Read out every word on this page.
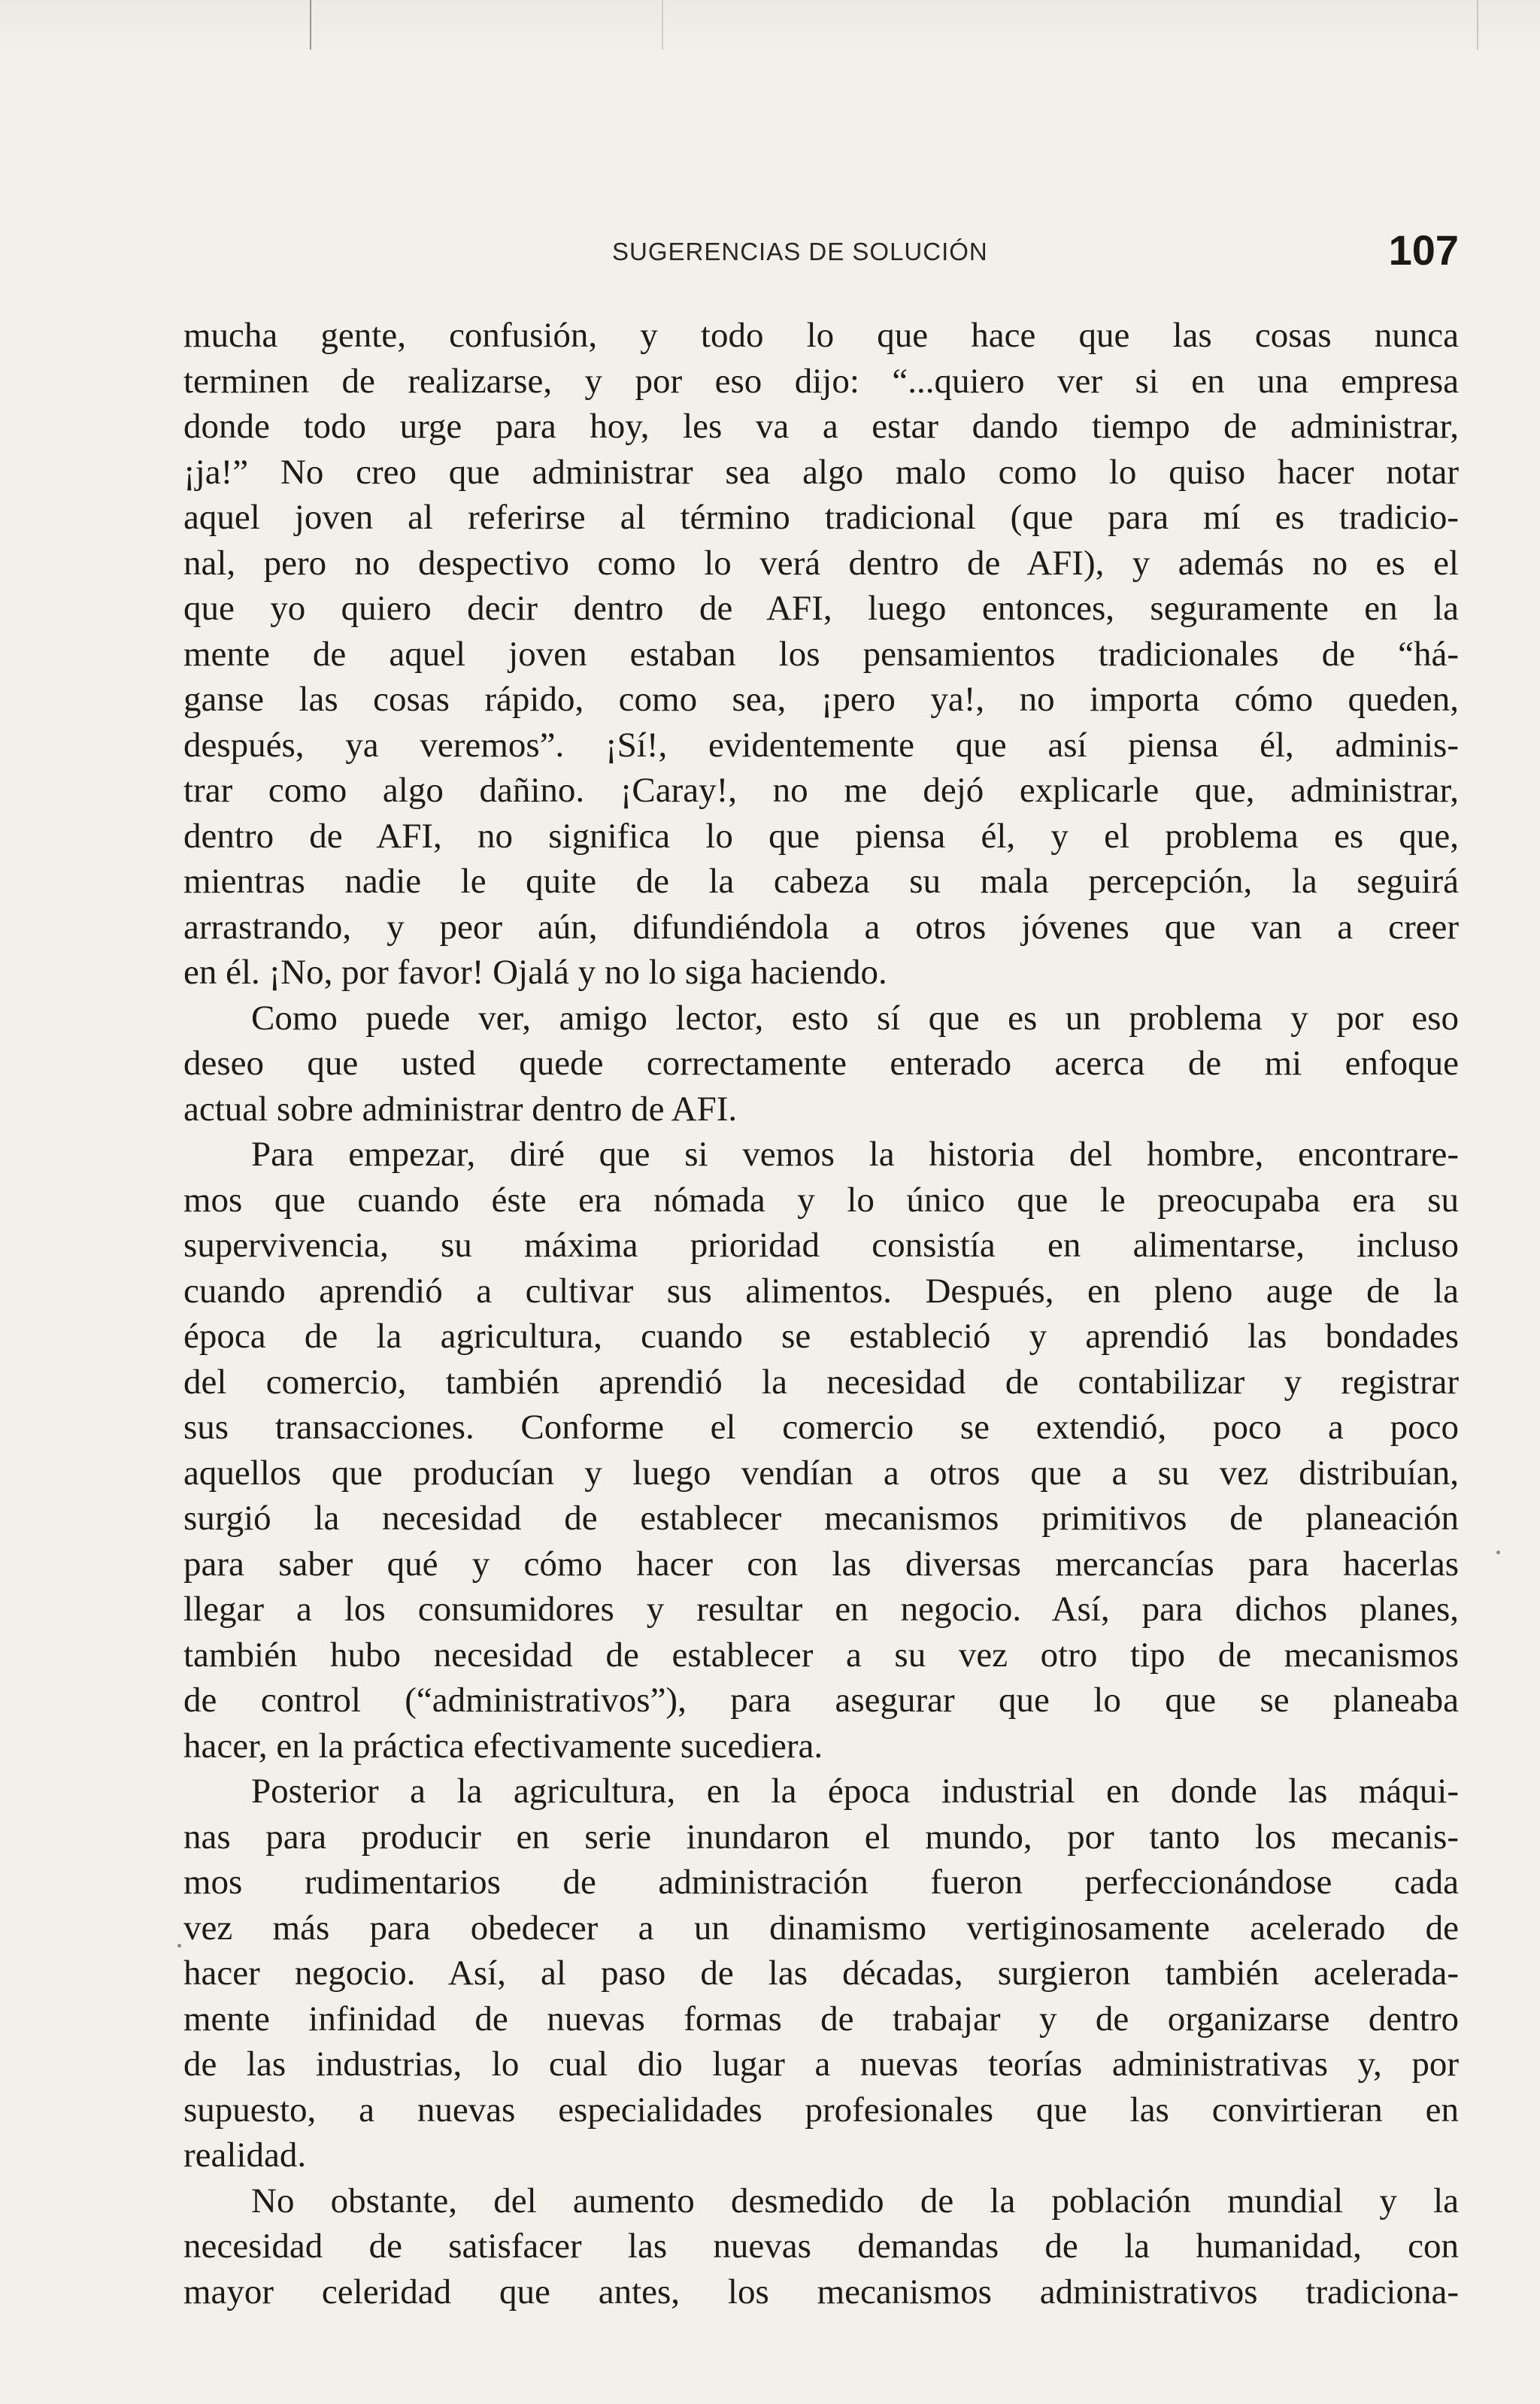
SUGERENCIAS DE SOLUCIÓN	107
mucha gente, confusión, y todo lo que hace que las cosas nunca
terminen de realizarse, y por eso dijo: “...quiero ver si en una empresa
donde todo urge para hoy, les va a estar dando tiempo de administrar,
¡ja!” No creo que administrar sea algo malo como lo quiso hacer notar
aquel joven al referirse al término tradicional (que para mí es tradicio-
nal, pero no despectivo como lo verá dentro de AFI), y además no es el
que yo quiero decir dentro de AFI, luego entonces, seguramente en la
mente de aquel joven estaban los pensamientos tradicionales de “há-
ganse las cosas rápido, como sea, ¡pero ya!, no importa cómo queden,
después, ya veremos”. ¡Sí!, evidentemente que así piensa él, adminis-
trar como algo dañino. ¡Caray!, no me dejó explicarle que, administrar,
dentro de AFI, no significa lo que piensa él, y el problema es que,
mientras nadie le quite de la cabeza su mala percepción, la seguirá
arrastrando, y peor aún, difundiéndola a otros jóvenes que van a creer
en él. ¡No, por favor! Ojalá y no lo siga haciendo.
Como puede ver, amigo lector, esto sí que es un problema y por eso
deseo que usted quede correctamente enterado acerca de mi enfoque
actual sobre administrar dentro de AFI.
Para empezar, diré que si vemos la historia del hombre, encontrare-
mos que cuando éste era nómada y lo único que le preocupaba era su
supervivencia, su máxima prioridad consistía en alimentarse, incluso
cuando aprendió a cultivar sus alimentos. Después, en pleno auge de la
época de la agricultura, cuando se estableció y aprendió las bondades
del comercio, también aprendió la necesidad de contabilizar y registrar
sus transacciones. Conforme el comercio se extendió, poco a poco
aquellos que producían y luego vendían a otros que a su vez distribuían,
surgió la necesidad de establecer mecanismos primitivos de planeación
para saber qué y cómo hacer con las diversas mercancías para hacerlas
llegar a los consumidores y resultar en negocio. Así, para dichos planes,
también hubo necesidad de establecer a su vez otro tipo de mecanismos
de control (“administrativos”), para asegurar que lo que se planeaba
hacer, en la práctica efectivamente sucediera.
Posterior a la agricultura, en la época industrial en donde las máqui-
nas para producir en serie inundaron el mundo, por tanto los mecanis-
mos rudimentarios de administración fueron perfeccionándose cada
vez más para obedecer a un dinamismo vertiginosamente acelerado de
hacer negocio. Así, al paso de las décadas, surgieron también acelerada-
mente infinidad de nuevas formas de trabajar y de organizarse dentro
de las industrias, lo cual dio lugar a nuevas teorías administrativas y, por
supuesto, a nuevas especialidades profesionales que las convirtieran en
realidad.
No obstante, del aumento desmedido de la población mundial y la
necesidad de satisfacer las nuevas demandas de la humanidad, con
mayor celeridad que antes, los mecanismos administrativos tradiciona-
